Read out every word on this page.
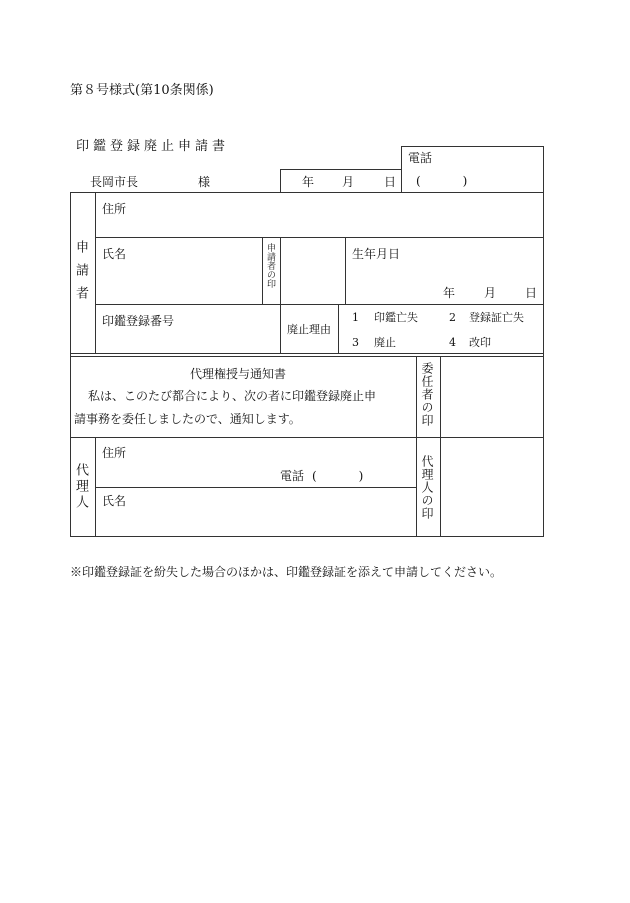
第８号様式(第10条関係)
印鑑登録廃止申請書
電話
(　　)
長岡市長	様	年 月 日
申請者
住所
氏名	申請者の印	生年月日
年 月 日
印鑑登録番号
廃止理由
1 印鑑亡失	2 登録証亡失
3 廃止	4 改印
代理権授与通知書
私は、このたび都合により、次の者に印鑑登録廃止申
請事務を委任しましたので、通知します。	委任者の印
代理人
住所
電話 (　　)
氏名	代理人の印
※印鑑登録証を紛失した場合のほかは、印鑑登録証を添えて申請してください。
